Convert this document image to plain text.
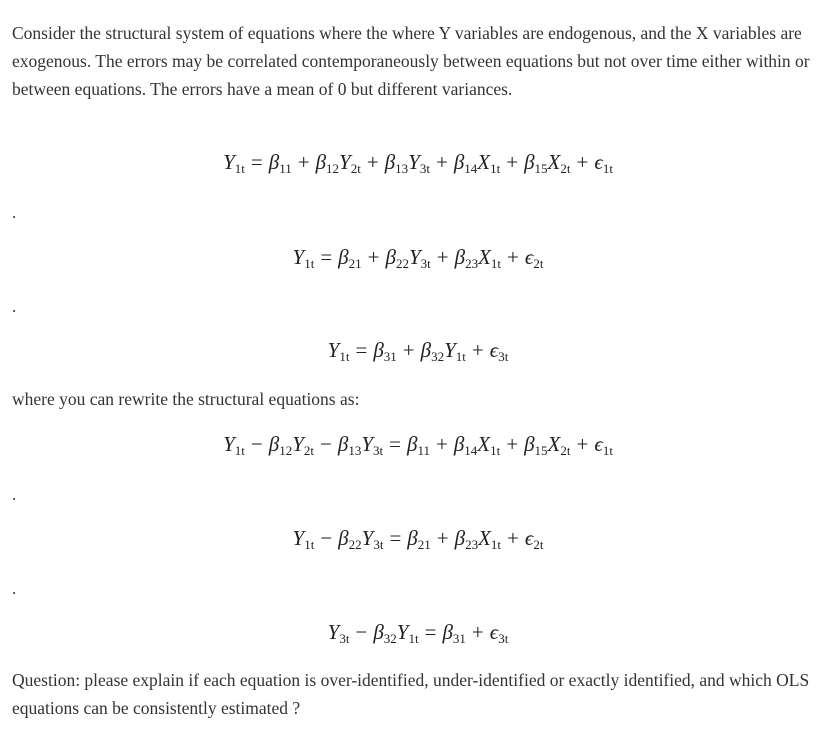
Consider the structural system of equations where the where Y variables are endogenous, and the X variables are exogenous. The errors may be correlated contemporaneously between equations but not over time either within or between equations. The errors have a mean of 0 but different variances.

$Y_{1t} = \beta_{11} + \beta_{12}Y_{2t} + \beta_{13}Y_{3t} + \beta_{14}X_{1t} + \beta_{15}X_{2t} + \epsilon_{1t}$
.
$Y_{1t} = \beta_{21} + \beta_{22}Y_{3t} + \beta_{23}X_{1t} + \epsilon_{2t}$
.
$Y_{1t} = \beta_{31} + \beta_{32}Y_{1t} + \epsilon_{3t}$

where you can rewrite the structural equations as:

$Y_{1t} - \beta_{12}Y_{2t} - \beta_{13}Y_{3t} = \beta_{11} + \beta_{14}X_{1t} + \beta_{15}X_{2t} + \epsilon_{1t}$
.
$Y_{1t} - \beta_{22}Y_{3t} = \beta_{21} + \beta_{23}X_{1t} + \epsilon_{2t}$
.
$Y_{3t} - \beta_{32}Y_{1t} = \beta_{31} + \epsilon_{3t}$

Question: please explain if each equation is over-identified, under-identified or exactly identified, and which OLS equations can be consistently estimated ?
